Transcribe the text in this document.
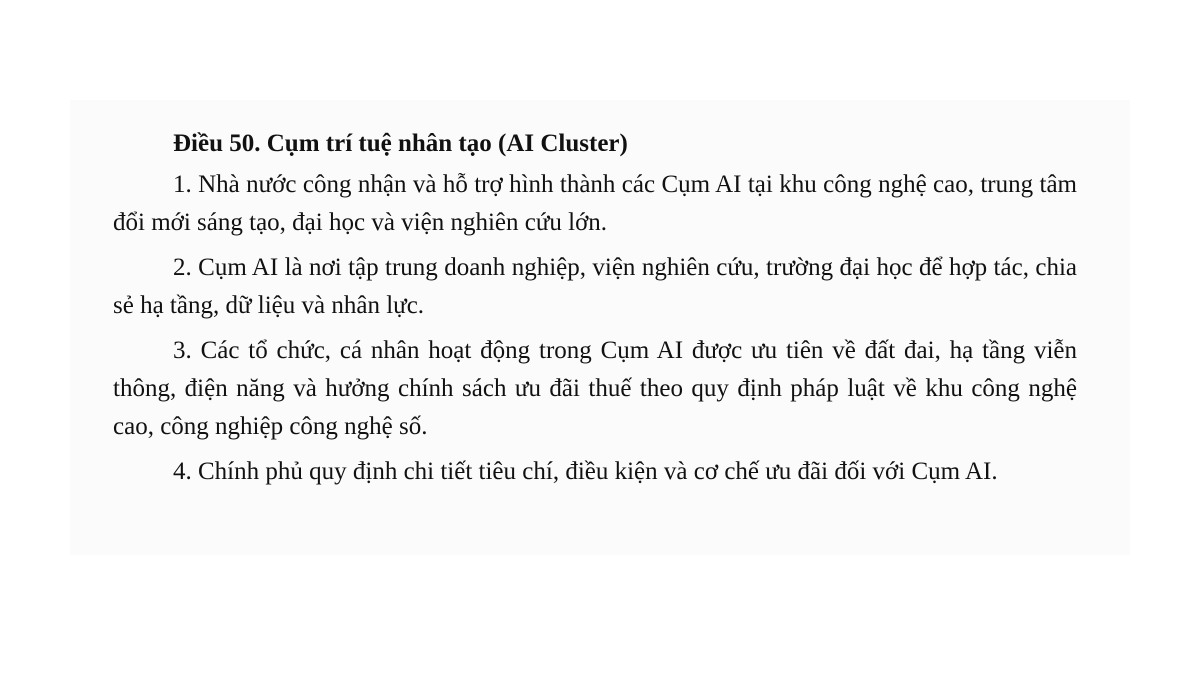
Điều 50. Cụm trí tuệ nhân tạo (AI Cluster)

1. Nhà nước công nhận và hỗ trợ hình thành các Cụm AI tại khu công nghệ cao, trung tâm đổi mới sáng tạo, đại học và viện nghiên cứu lớn.

2. Cụm AI là nơi tập trung doanh nghiệp, viện nghiên cứu, trường đại học để hợp tác, chia sẻ hạ tầng, dữ liệu và nhân lực.

3. Các tổ chức, cá nhân hoạt động trong Cụm AI được ưu tiên về đất đai, hạ tầng viễn thông, điện năng và hưởng chính sách ưu đãi thuế theo quy định pháp luật về khu công nghệ cao, công nghiệp công nghệ số.

4. Chính phủ quy định chi tiết tiêu chí, điều kiện và cơ chế ưu đãi đối với Cụm AI.
